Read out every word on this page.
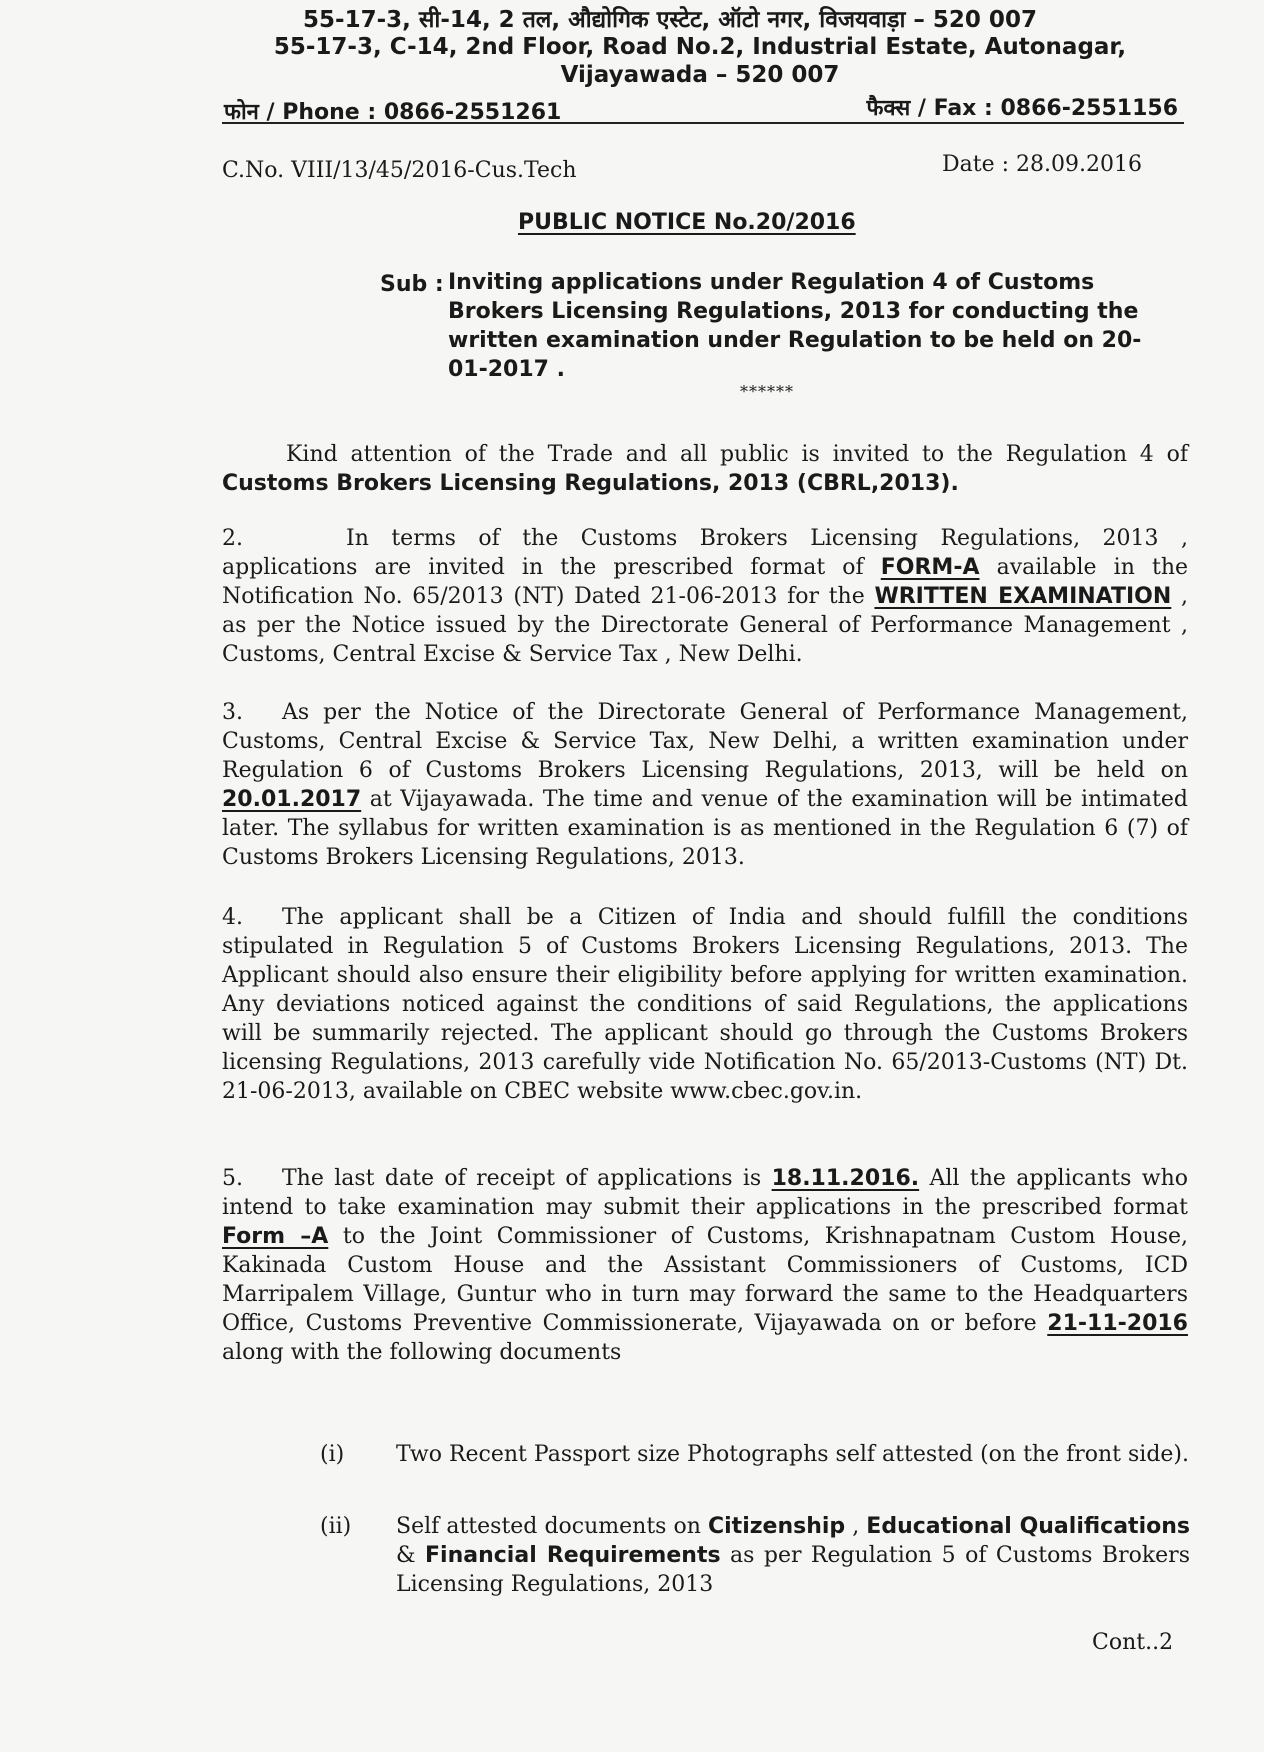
55-17-3, सी-14, 2 तल, औद्योगिक एस्टेट, ऑटो नगर, विजयवाड़ा – 520 007
55-17-3, C-14, 2nd Floor, Road No.2, Industrial Estate, Autonagar,
Vijayawada – 520 007
फोन / Phone : 0866-2551261	फैक्स / Fax : 0866-2551156
C.No. VIII/13/45/2016-Cus.Tech	Date : 28.09.2016
PUBLIC NOTICE No.20/2016
Sub : Inviting applications under Regulation 4 of Customs Brokers Licensing Regulations, 2013 for conducting the written examination under Regulation to be held on 20-01-2017 .
******
Kind attention of the Trade and all public is invited to the Regulation 4 of Customs Brokers Licensing Regulations, 2013 (CBRL,2013).
2.	In terms of the Customs Brokers Licensing Regulations, 2013 , applications are invited in the prescribed format of FORM-A available in the Notification No. 65/2013 (NT) Dated 21-06-2013 for the WRITTEN EXAMINATION , as per the Notice issued by the Directorate General of Performance Management , Customs, Central Excise & Service Tax , New Delhi.
3. As per the Notice of the Directorate General of Performance Management, Customs, Central Excise & Service Tax, New Delhi, a written examination under Regulation 6 of Customs Brokers Licensing Regulations, 2013, will be held on 20.01.2017 at Vijayawada. The time and venue of the examination will be intimated later. The syllabus for written examination is as mentioned in the Regulation 6 (7) of Customs Brokers Licensing Regulations, 2013.
4. The applicant shall be a Citizen of India and should fulfill the conditions stipulated in Regulation 5 of Customs Brokers Licensing Regulations, 2013. The Applicant should also ensure their eligibility before applying for written examination. Any deviations noticed against the conditions of said Regulations, the applications will be summarily rejected. The applicant should go through the Customs Brokers licensing Regulations, 2013 carefully vide Notification No. 65/2013-Customs (NT) Dt. 21-06-2013, available on CBEC website www.cbec.gov.in.
5. The last date of receipt of applications is 18.11.2016. All the applicants who intend to take examination may submit their applications in the prescribed format Form –A to the Joint Commissioner of Customs, Krishnapatnam Custom House, Kakinada Custom House and the Assistant Commissioners of Customs, ICD Marripalem Village, Guntur who in turn may forward the same to the Headquarters Office, Customs Preventive Commissionerate, Vijayawada on or before 21-11-2016 along with the following documents
(i) Two Recent Passport size Photographs self attested (on the front side).
(ii) Self attested documents on Citizenship , Educational Qualifications & Financial Requirements as per Regulation 5 of Customs Brokers Licensing Regulations, 2013
Cont..2
